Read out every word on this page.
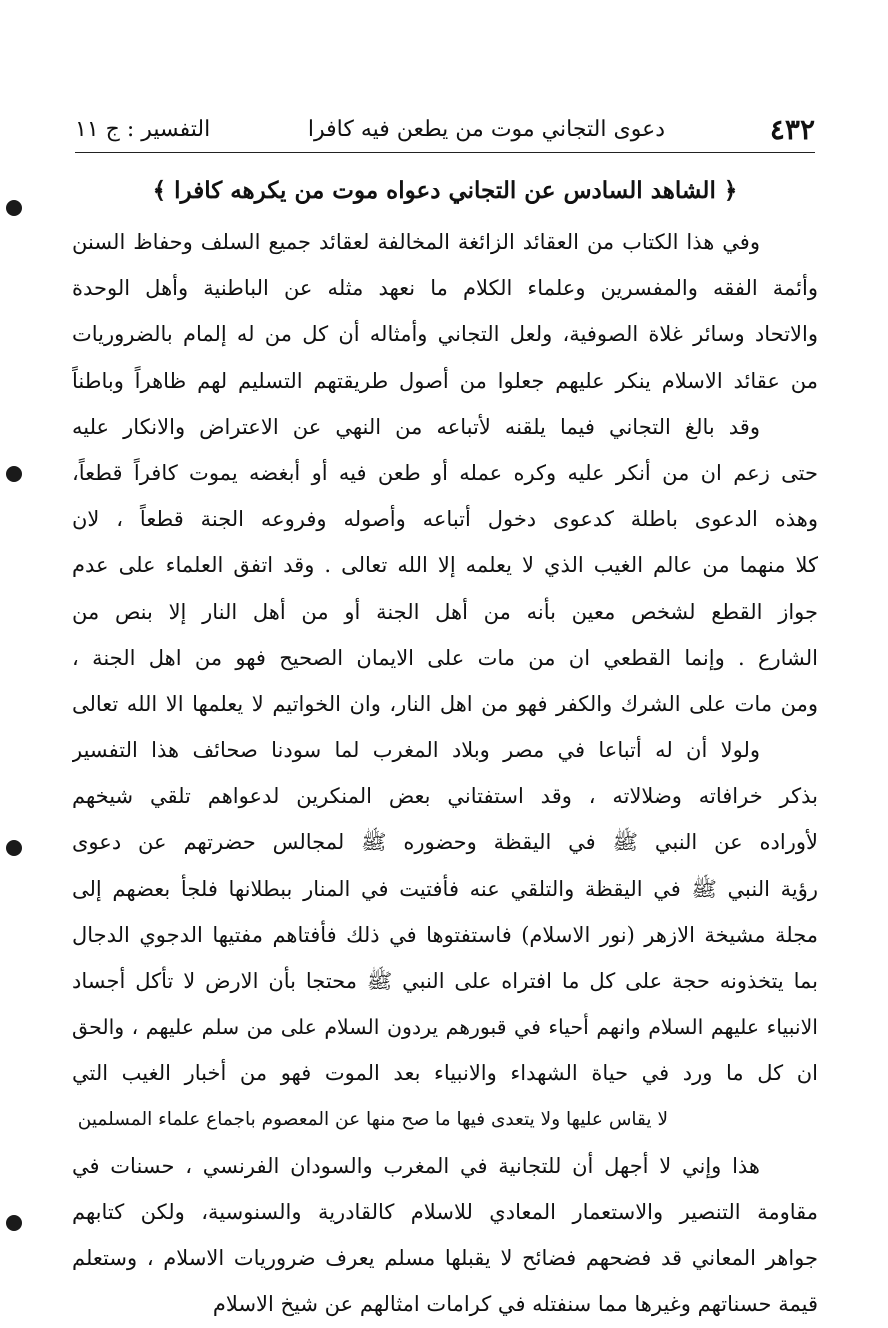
٤٣٢
دعوى التجاني موت من يطعن فيه كافرا
التفسير : ج ١١
﴿ الشاهد السادس عن التجاني دعواه موت من يكرهه كافرا ﴾
وفي هذا الكتاب من العقائد الزائغة المخالفة لعقائد جميع السلف وحفاظ السنن
وأئمة الفقه والمفسرين وعلماء الكلام ما نعهد مثله عن الباطنية وأهل الوحدة
والاتحاد وسائر غلاة الصوفية، ولعل التجاني وأمثاله أن كل من له إلمام بالضروريات
من عقائد الاسلام ينكر عليهم جعلوا من أصول طريقتهم التسليم لهم ظاهراً وباطناً
وقد بالغ التجاني فيما يلقنه لأتباعه من النهي عن الاعتراض والانكار عليه
حتى زعم ان من أنكر عليه وكره عمله أو طعن فيه أو أبغضه يموت كافراً قطعاً،
وهذه الدعوى باطلة كدعوى دخول أتباعه وأصوله وفروعه الجنة قطعاً ، لان
كلا منهما من عالم الغيب الذي لا يعلمه إلا الله تعالى . وقد اتفق العلماء على عدم
جواز القطع لشخص معين بأنه من أهل الجنة أو من أهل النار إلا بنص من
الشارع . وإنما القطعي ان من مات على الايمان الصحيح فهو من اهل الجنة ،
ومن مات على الشرك والكفر فهو من اهل النار، وان الخواتيم لا يعلمها الا الله تعالى
ولولا أن له أتباعا في مصر وبلاد المغرب لما سودنا صحائف هذا التفسير
بذكر خرافاته وضلالاته ، وقد استفتاني بعض المنكرين لدعواهم تلقي شيخهم
لأوراده عن النبي ﷺ في اليقظة وحضوره ﷺ لمجالس حضرتهم عن دعوى
رؤية النبي ﷺ في اليقظة والتلقي عنه فأفتيت في المنار ببطلانها فلجأ بعضهم إلى
مجلة مشيخة الازهر (نور الاسلام) فاستفتوها في ذلك فأفتاهم مفتيها الدجوي الدجال
بما يتخذونه حجة على كل ما افتراه على النبي ﷺ محتجا بأن الارض لا تأكل أجساد
الانبياء عليهم السلام وانهم أحياء في قبورهم يردون السلام على من سلم عليهم ، والحق
ان كل ما ورد في حياة الشهداء والانبياء بعد الموت فهو من أخبار الغيب التي
لا يقاس عليها ولا يتعدى فيها ما صح منها عن المعصوم باجماع علماء المسلمين
هذا وإني لا أجهل أن للتجانية في المغرب والسودان الفرنسي ، حسنات في
مقاومة التنصير والاستعمار المعادي للاسلام كالقادرية والسنوسية، ولكن كتابهم
جواهر المعاني قد فضحهم فضائح لا يقبلها مسلم يعرف ضروريات الاسلام ، وستعلم
قيمة حسناتهم وغيرها مما سنفتله في كرامات امثالهم عن شيخ الاسلام
